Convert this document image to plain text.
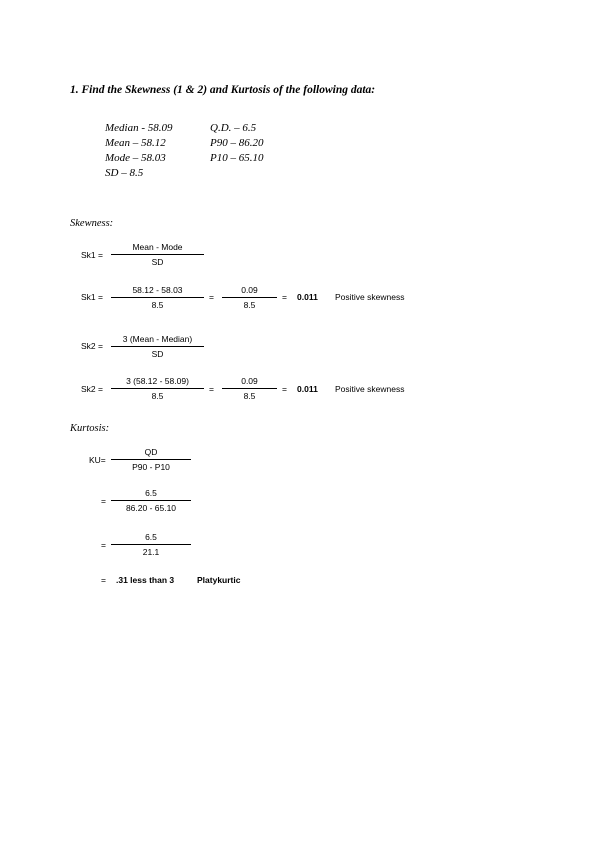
1. Find the Skewness (1 & 2) and Kurtosis of the following data:
Median - 58.09
Mean – 58.12
Mode – 58.03
SD – 8.5
Q.D. – 6.5
P90 – 86.20
P10 – 65.10
Skewness:
Sk1 =
Mean - Mode
SD
Sk1 =
58.12 - 58.03
8.5
=
0.09
8.5
= 0.011 Positive skewness
Sk2 =
3 (Mean - Median)
SD
Sk2 =
3 (58.12 - 58.09)
8.5
=
0.09
8.5
= 0.011 Positive skewness
Kurtosis:
KU=
QD
P90 - P10
=
6.5
86.20 - 65.10
=
6.5
21.1
= .31 less than 3	Platykurtic
